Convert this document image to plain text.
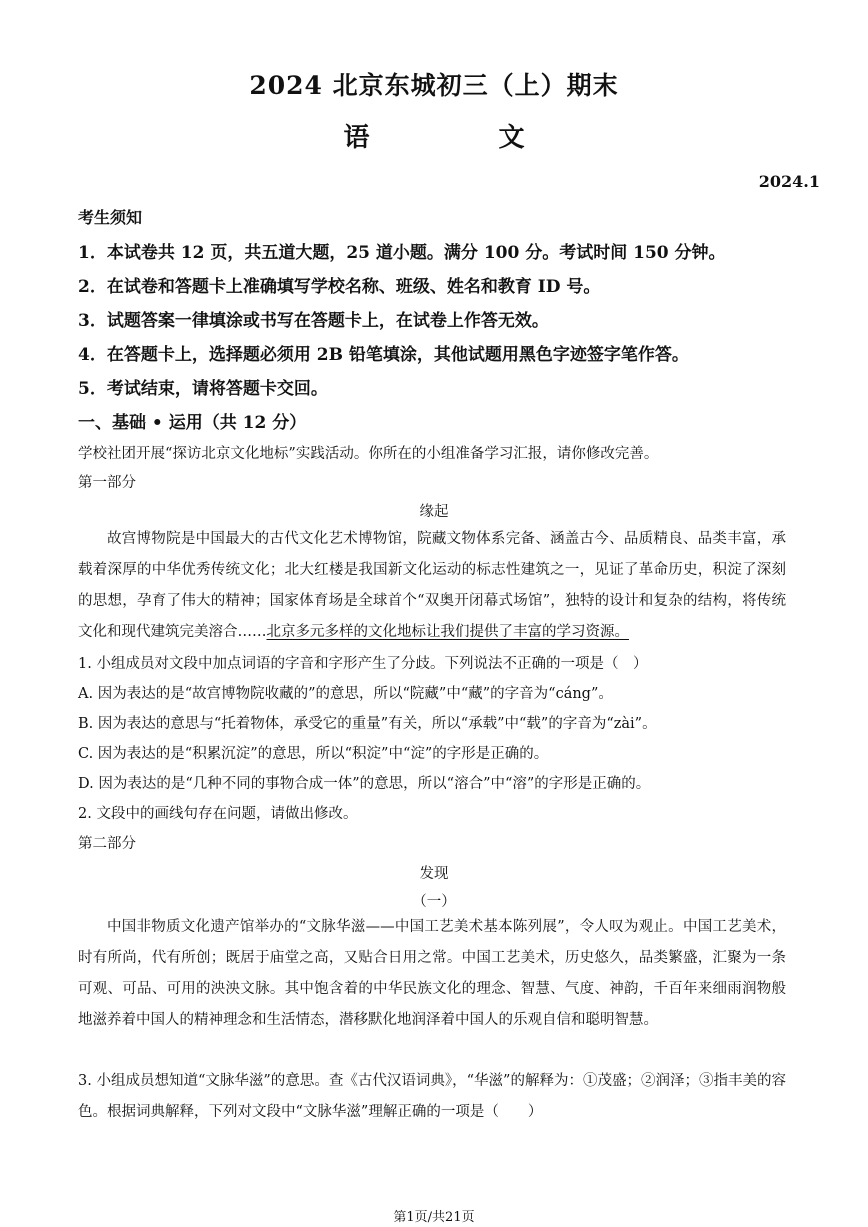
2024 北京东城初三（上）期末
语 文
2024.1
考生须知
1．本试卷共 12 页，共五道大题，25 道小题。满分 100 分。考试时间 150 分钟。
2．在试卷和答题卡上准确填写学校名称、班级、姓名和教育 ID 号。
3．试题答案一律填涂或书写在答题卡上，在试卷上作答无效。
4．在答题卡上，选择题必须用 2B 铅笔填涂，其他试题用黑色字迹签字笔作答。
5．考试结束，请将答题卡交回。
一、基础 • 运用（共 12 分）
学校社团开展“探访北京文化地标”实践活动。你所在的小组准备学习汇报，请你修改完善。
第一部分
缘起
故宫博物院是中国最大的古代文化艺术博物馆，院藏文物体系完备、涵盖古今、品质精良、品类丰富，承载着深厚的中华优秀传统文化；北大红楼是我国新文化运动的标志性建筑之一，见证了革命历史，积淀了深刻的思想，孕育了伟大的精神；国家体育场是全球首个“双奥开闭幕式场馆”，独特的设计和复杂的结构，将传统文化和现代建筑完美溶合……北京多元多样的文化地标让我们提供了丰富的学习资源。
1. 小组成员对文段中加点词语的字音和字形产生了分歧。下列说法不正确的一项是（　）
A. 因为表达的是“故宫博物院收藏的”的意思，所以“院藏”中“藏”的字音为“cáng”。
B. 因为表达的意思与“托着物体，承受它的重量”有关，所以“承载”中“载”的字音为“zài”。
C. 因为表达的是“积累沉淀”的意思，所以“积淀”中“淀”的字形是正确的。
D. 因为表达的是“几种不同的事物合成一体”的意思，所以“溶合”中“溶”的字形是正确的。
2. 文段中的画线句存在问题，请做出修改。
第二部分
发现
（一）
中国非物质文化遗产馆举办的“文脉华滋——中国工艺美术基本陈列展”，令人叹为观止。中国工艺美术，时有所尚，代有所创；既居于庙堂之高，又贴合日用之常。中国工艺美术，历史悠久，品类繁盛，汇聚为一条可观、可品、可用的泱泱文脉。其中饱含着的中华民族文化的理念、智慧、气度、神韵，千百年来细雨润物般地滋养着中国人的精神理念和生活情态，潜移默化地润泽着中国人的乐观自信和聪明智慧。
3. 小组成员想知道“文脉华滋”的意思。查《古代汉语词典》，“华滋”的解释为：①茂盛；②润泽；③指丰美的容色。根据词典解释，下列对文段中“文脉华滋”理解正确的一项是（　　）
第1页/共21页
